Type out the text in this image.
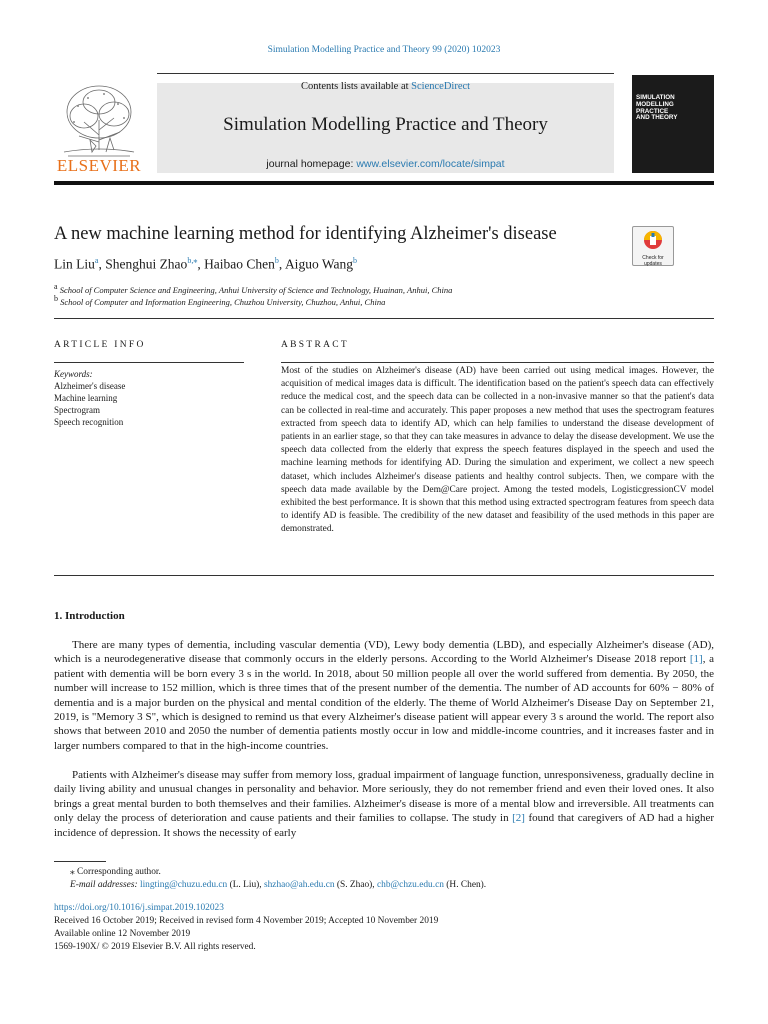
Simulation Modelling Practice and Theory 99 (2020) 102023
ELSEVIER
Contents lists available at ScienceDirect
Simulation Modelling Practice and Theory
journal homepage: www.elsevier.com/locate/simpat
SIMULATION
MODELLING
PRACTICE
AND THEORY
A new machine learning method for identifying Alzheimer's disease
Check for
updates
Lin Liu$^a$, Shenghui Zhao$^{b,⁎}$, Haibao Chen$^b$, Aiguo Wang$^b$
$^a$ School of Computer Science and Engineering, Anhui University of Science and Technology, Huainan, Anhui, China
$^b$ School of Computer and Information Engineering, Chuzhou University, Chuzhou, Anhui, China
ARTICLE INFO	ABSTRACT
Keywords:
Alzheimer's disease
Machine learning
Spectrogram
Speech recognition
Most of the studies on Alzheimer's disease (AD) have been carried out using medical images. However, the acquisition of medical images data is difficult. The identification based on the patient's speech data can effectively reduce the medical cost, and the speech data can be collected in a non-invasive manner so that the patient's data can be collected in real-time and accurately. This paper proposes a new method that uses the spectrogram features extracted from speech data to identify AD, which can help families to understand the disease development of patients in an earlier stage, so that they can take measures in advance to delay the disease development. We use the speech data collected from the elderly that express the speech features displayed in the speech and used the machine learning methods for identifying AD. During the simulation and experiment, we collect a new speech dataset, which includes Alzheimer's disease patients and healthy control subjects. Then, we compare with the speech data made available by the Dem@Care project. Among the tested models, LogisticgressionCV model exhibited the best performance. It is shown that this method using extracted spectrogram features from speech data to identify AD is feasible. The credibility of the new dataset and feasibility of the used methods in this paper are demonstrated.
1. Introduction
There are many types of dementia, including vascular dementia (VD), Lewy body dementia (LBD), and especially Alzheimer's disease (AD), which is a neurodegenerative disease that commonly occurs in the elderly persons. According to the World Alzheimer's Disease 2018 report [1], a patient with dementia will be born every 3 s in the world. In 2018, about 50 million people all over the world suffered from dementia. By 2050, the number will increase to 152 million, which is three times that of the present number of the dementia. The number of AD accounts for 60% − 80% of dementia and is a major burden on the physical and mental condition of the elderly. The theme of World Alzheimer's Disease Day on September 21, 2019, is "Memory 3 S", which is designed to remind us that every Alzheimer's disease patient will appear every 3 s around the world. The report also shows that between 2010 and 2050 the number of dementia patients mostly occur in low and middle-income countries, and it increases faster and in larger numbers compared to that in the high-income countries.
Patients with Alzheimer's disease may suffer from memory loss, gradual impairment of language function, unresponsiveness, gradually decline in daily living ability and unusual changes in personality and behavior. More seriously, they do not remember friend and even their loved ones. It also brings a great mental burden to both themselves and their families. Alzheimer's disease is more of a mental blow and irreversible. All treatments can only delay the process of deterioration and cause patients and their families to collapse. The study in [2] found that caregivers of AD had a higher incidence of depression. It shows the necessity of early
⁎ Corresponding author.
E-mail addresses: lingting@chuzu.edu.cn (L. Liu), shzhao@ah.edu.cn (S. Zhao), chb@chzu.edu.cn (H. Chen).
https://doi.org/10.1016/j.simpat.2019.102023
Received 16 October 2019; Received in revised form 4 November 2019; Accepted 10 November 2019
Available online 12 November 2019
1569-190X/ © 2019 Elsevier B.V. All rights reserved.
